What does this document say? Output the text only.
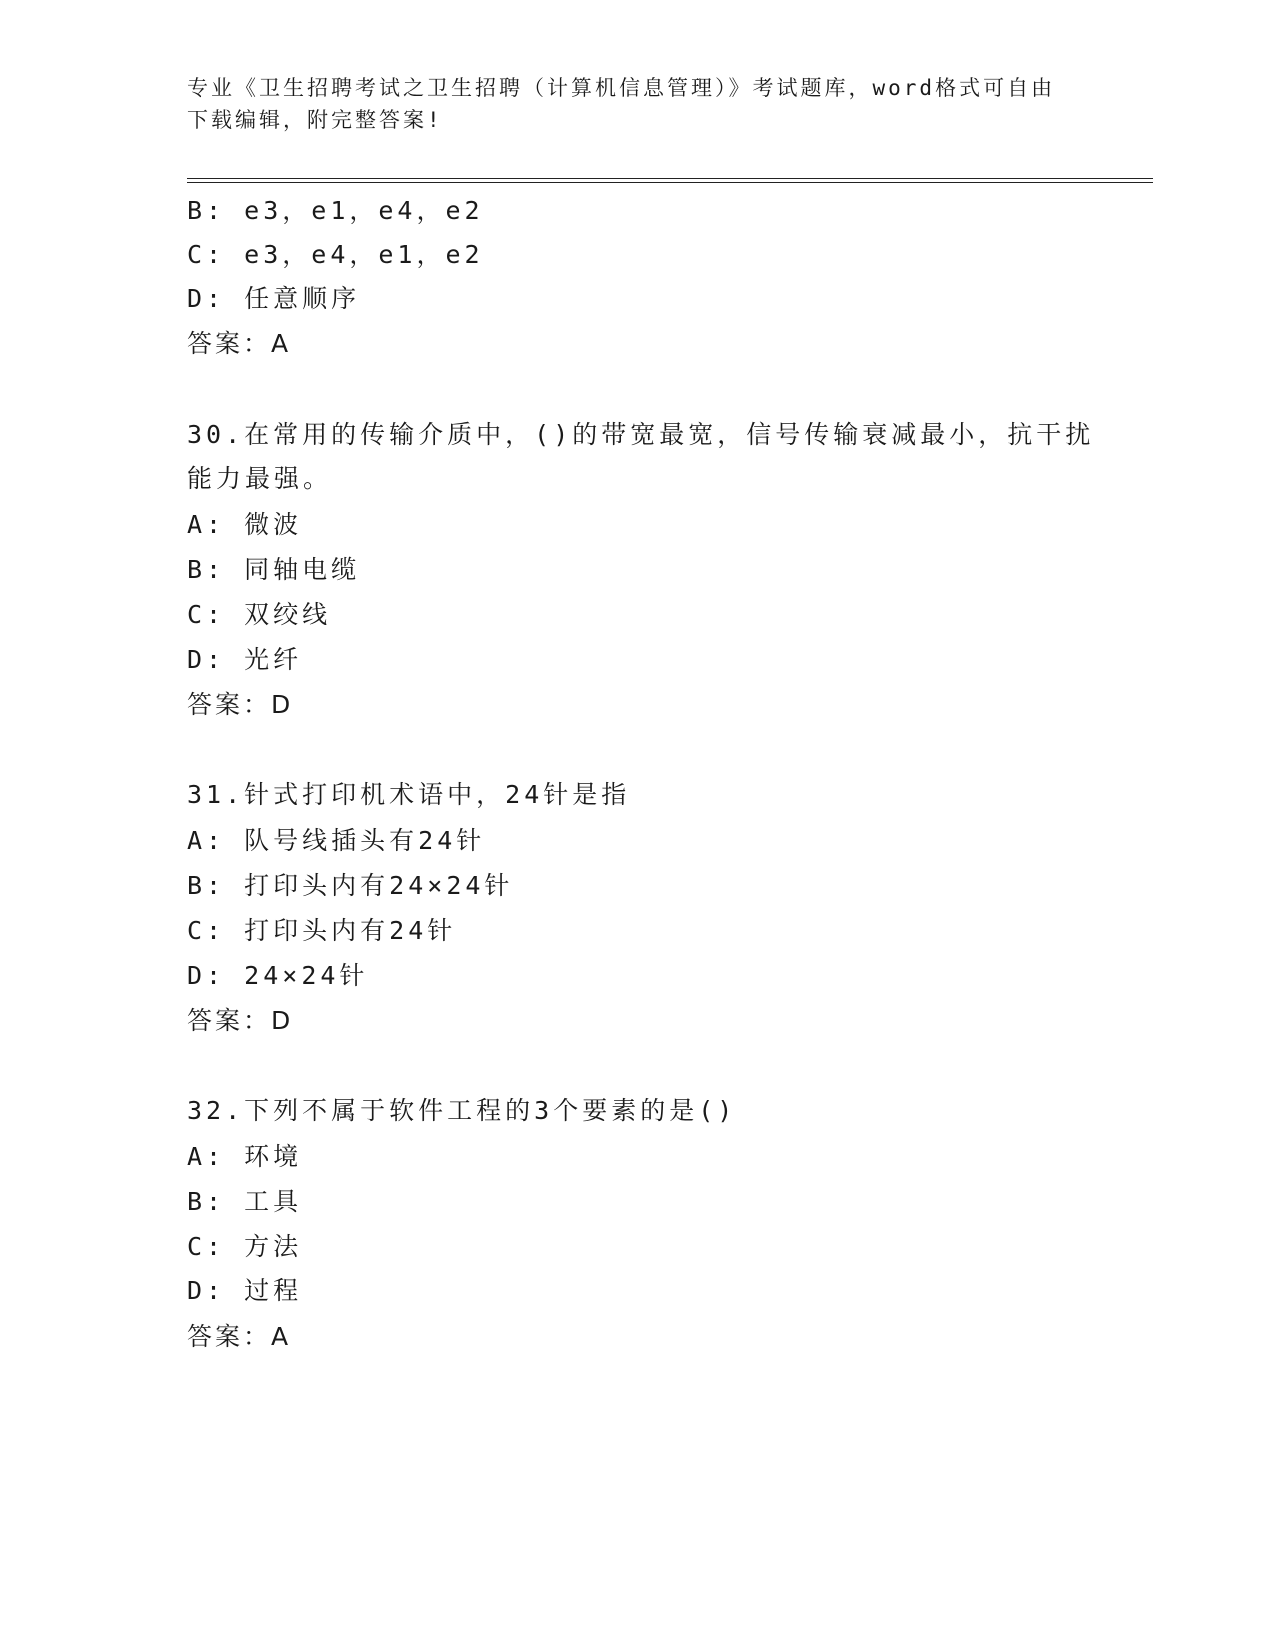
专业《卫生招聘考试之卫生招聘（计算机信息管理）》考试题库，word格式可自由下载编辑，附完整答案!
B: e3，e1，e4，e2
C: e3，e4，e1，e2
D: 任意顺序
答案：A
30.在常用的传输介质中，()的带宽最宽，信号传输衰减最小，抗干扰
能力最强。
A: 微波
B: 同轴电缆
C: 双绞线
D: 光纤
答案：D
31.针式打印机术语中，24针是指
A: 队号线插头有24针
B: 打印头内有24×24针
C: 打印头内有24针
D: 24×24针
答案：D
32.下列不属于软件工程的3个要素的是()
A: 环境
B: 工具
C: 方法
D: 过程
答案：A
